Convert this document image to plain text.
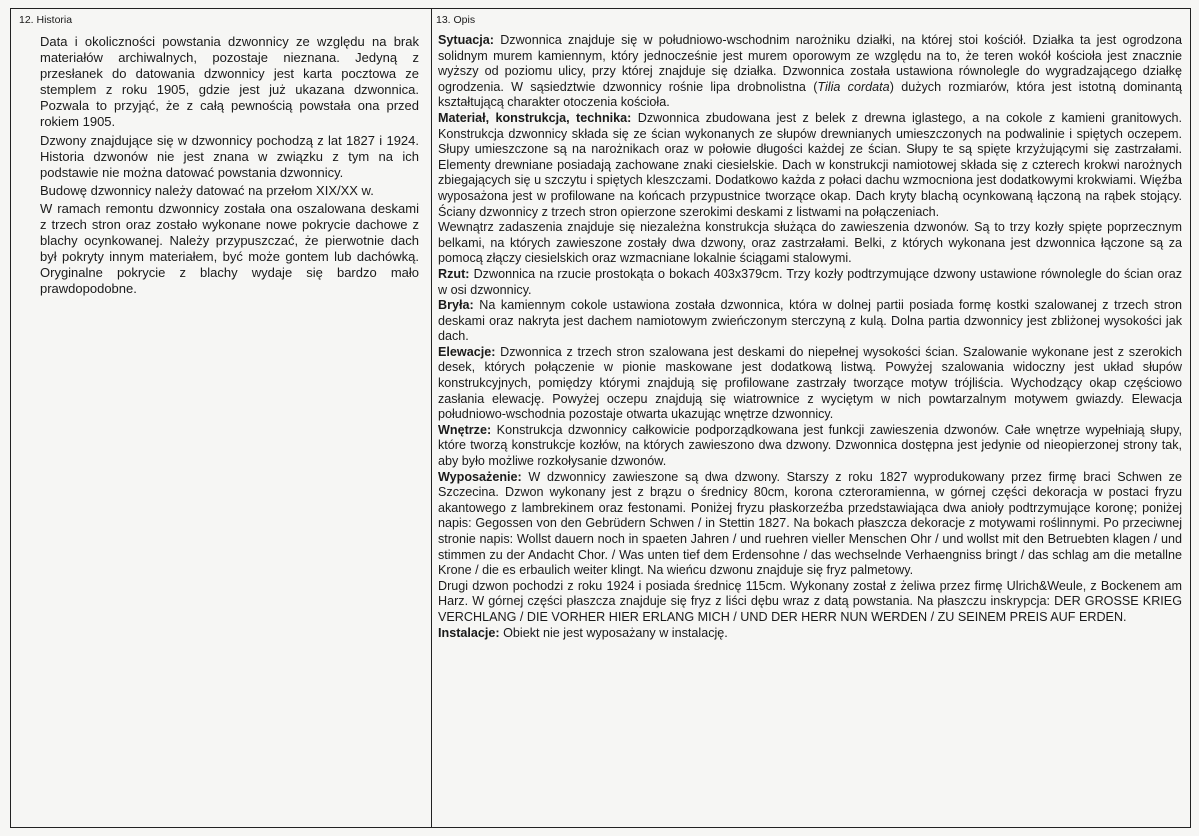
12. Historia

Data i okoliczności powstania dzwonnicy ze względu na brak materiałów archiwalnych, pozostaje nieznana. Jedyną z przesłanek do datowania dzwonnicy jest karta pocztowa ze stemplem z roku 1905, gdzie jest już ukazana dzwonnica. Pozwala to przyjąć, że z całą pewnością powstała ona przed rokiem 1905.

Dzwony znajdujące się w dzwonnicy pochodzą z lat 1827 i 1924. Historia dzwonów nie jest znana w związku z tym na ich podstawie nie można datować powstania dzwonnicy.

Budowę dzwonnicy należy datować na przełom XIX/XX w.

W ramach remontu dzwonnicy została ona oszalowana deskami z trzech stron oraz zostało wykonane nowe pokrycie dachowe z blachy ocynkowanej. Należy przypuszczać, że pierwotnie dach był pokryty innym materiałem, być może gontem lub dachówką. Oryginalne pokrycie z blachy wydaje się bardzo mało prawdopodobne.

13. Opis

Sytuacja: Dzwonnica znajduje się w południowo-wschodnim narożniku działki, na której stoi kościół. Działka ta jest ogrodzona solidnym murem kamiennym, który jednocześnie jest murem oporowym ze względu na to, że teren wokół kościoła jest znacznie wyższy od poziomu ulicy, przy której znajduje się działka. Dzwonnica została ustawiona równolegle do wygradzającego działkę ogrodzenia. W sąsiedztwie dzwonnicy rośnie lipa drobnolistna (Tilia cordata) dużych rozmiarów, która jest istotną dominantą kształtującą charakter otoczenia kościoła.

Materiał, konstrukcja, technika: Dzwonnica zbudowana jest z belek z drewna iglastego, a na cokole z kamieni granitowych. Konstrukcja dzwonnicy składa się ze ścian wykonanych ze słupów drewnianych umieszczonych na podwalinie i spiętych oczepem. Słupy umieszczone są na narożnikach oraz w połowie długości każdej ze ścian. Słupy te są spięte krzyżującymi się zastrzałami. Elementy drewniane posiadają zachowane znaki ciesielskie. Dach w konstrukcji namiotowej składa się z czterech krokwi narożnych zbiegających się u szczytu i spiętych kleszczami. Dodatkowo każda z połaci dachu wzmocniona jest dodatkowymi krokwiami. Więźba wyposażona jest w profilowane na końcach przypustnice tworzące okap. Dach kryty blachą ocynkowaną łączoną na rąbek stojący. Ściany dzwonnicy z trzech stron opierzone szerokimi deskami z listwami na połączeniach.

Wewnątrz zadaszenia znajduje się niezależna konstrukcja służąca do zawieszenia dzwonów. Są to trzy kozły spięte poprzecznym belkami, na których zawieszone zostały dwa dzwony, oraz zastrzałami. Belki, z których wykonana jest dzwonnica łączone są za pomocą złączy ciesielskich oraz wzmacniane lokalnie ściągami stalowymi.

Rzut: Dzwonnica na rzucie prostokąta o bokach 403x379cm. Trzy kozły podtrzymujące dzwony ustawione równolegle do ścian oraz w osi dzwonnicy.

Bryła: Na kamiennym cokole ustawiona została dzwonnica, która w dolnej partii posiada formę kostki szalowanej z trzech stron deskami oraz nakryta jest dachem namiotowym zwieńczonym sterczyną z kulą. Dolna partia dzwonnicy jest zbliżonej wysokości jak dach.

Elewacje: Dzwonnica z trzech stron szalowana jest deskami do niepełnej wysokości ścian. Szalowanie wykonane jest z szerokich desek, których połączenie w pionie maskowane jest dodatkową listwą. Powyżej szalowania widoczny jest układ słupów konstrukcyjnych, pomiędzy którymi znajdują się profilowane zastrzały tworzące motyw trójliścia. Wychodzący okap częściowo zasłania elewację. Powyżej oczepu znajdują się wiatrownice z wyciętym w nich powtarzalnym motywem gwiazdy. Elewacja południowo-wschodnia pozostaje otwarta ukazując wnętrze dzwonnicy.

Wnętrze: Konstrukcja dzwonnicy całkowicie podporządkowana jest funkcji zawieszenia dzwonów. Całe wnętrze wypełniają słupy, które tworzą konstrukcje kozłów, na których zawieszono dwa dzwony. Dzwonnica dostępna jest jedynie od nieopierzonej strony tak, aby było możliwe rozkołysanie dzwonów.

Wyposażenie: W dzwonnicy zawieszone są dwa dzwony. Starszy z roku 1827 wyprodukowany przez firmę braci Schwen ze Szczecina. Dzwon wykonany jest z brązu o średnicy 80cm, korona czteroramienna, w górnej części dekoracja w postaci fryzu akantowego z lambrekinem oraz festonami. Poniżej fryzu płaskorzeźba przedstawiająca dwa anioły podtrzymujące koronę; poniżej napis: Gegossen von den Gebrüdern Schwen / in Stettin 1827. Na bokach płaszcza dekoracje z motywami roślinnymi. Po przeciwnej stronie napis: Wollst dauern noch in spaeten Jahren / und ruehren vieller Menschen Ohr / und wollst mit den Betruebten klagen / und stimmen zu der Andacht Chor. / Was unten tief dem Erdensohne / das wechselnde Verhaengniss bringt / das schlag am die metallne Krone / die es erbaulich weiter klingt. Na wieńcu dzwonu znajduje się fryz palmetowy.

Drugi dzwon pochodzi z roku 1924 i posiada średnicę 115cm. Wykonany został z żeliwa przez firmę Ulrich&Weule, z Bockenem am Harz. W górnej części płaszcza znajduje się fryz z liści dębu wraz z datą powstania. Na płaszczu inskrypcja: DER GROSSE KRIEG VERCHLANG / DIE VORHER HIER ERLANG MICH / UND DER HERR NUN WERDEN / ZU SEINEM PREIS AUF ERDEN.

Instalacje: Obiekt nie jest wyposażany w instalację.
